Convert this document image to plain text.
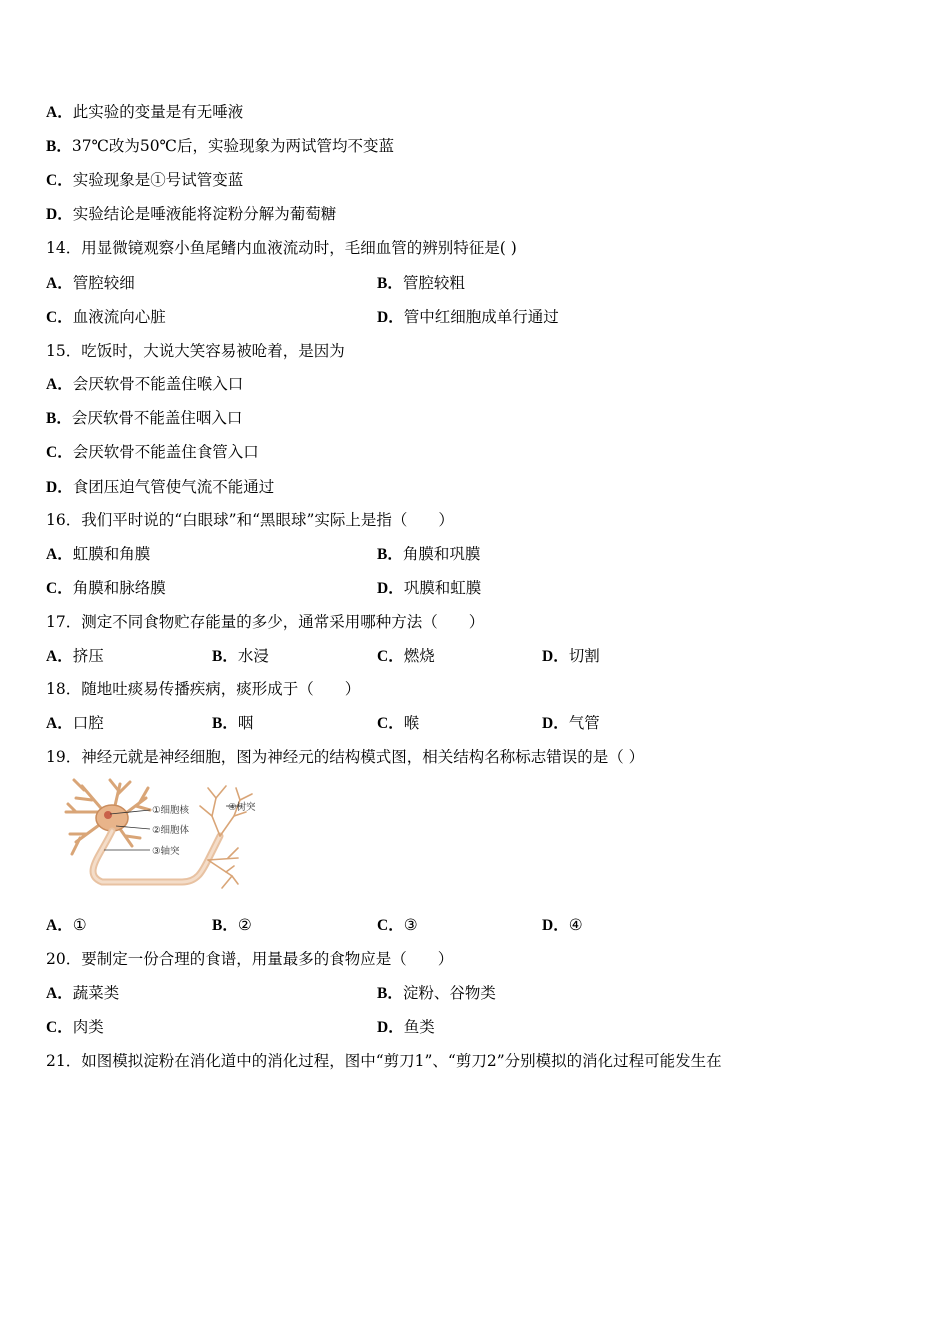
A．此实验的变量是有无唾液
B．37℃改为50℃后，实验现象为两试管均不变蓝
C．实验现象是①号试管变蓝
D．实验结论是唾液能将淀粉分解为葡萄糖
14．用显微镜观察小鱼尾鳍内血液流动时，毛细血管的辨别特征是( )
A．管腔较细	B．管腔较粗
C．血液流向心脏	D．管中红细胞成单行通过
15．吃饭时，大说大笑容易被呛着，是因为
A．会厌软骨不能盖住喉入口
B．会厌软骨不能盖住咽入口
C．会厌软骨不能盖住食管入口
D．食团压迫气管使气流不能通过
16．我们平时说的“白眼球”和“黑眼球”实际上是指（　　）
A．虹膜和角膜	B．角膜和巩膜
C．角膜和脉络膜	D．巩膜和虹膜
17．测定不同食物贮存能量的多少，通常采用哪种方法（　　）
A．挤压	B．水浸	C．燃烧	D．切割
18．随地吐痰易传播疾病，痰形成于（　　）
A．口腔	B．咽	C．喉	D．气管
19．神经元就是神经细胞，图为神经元的结构模式图，相关结构名称标志错误的是（ ）
①细胞核
②细胞体
③轴突
④树突
A．①	B．②	C．③	D．④
20．要制定一份合理的食谱，用量最多的食物应是（　　）
A．蔬菜类	B．淀粉、谷物类
C．肉类	D．鱼类
21．如图模拟淀粉在消化道中的消化过程，图中“剪刀1”、“剪刀2”分别模拟的消化过程可能发生在
